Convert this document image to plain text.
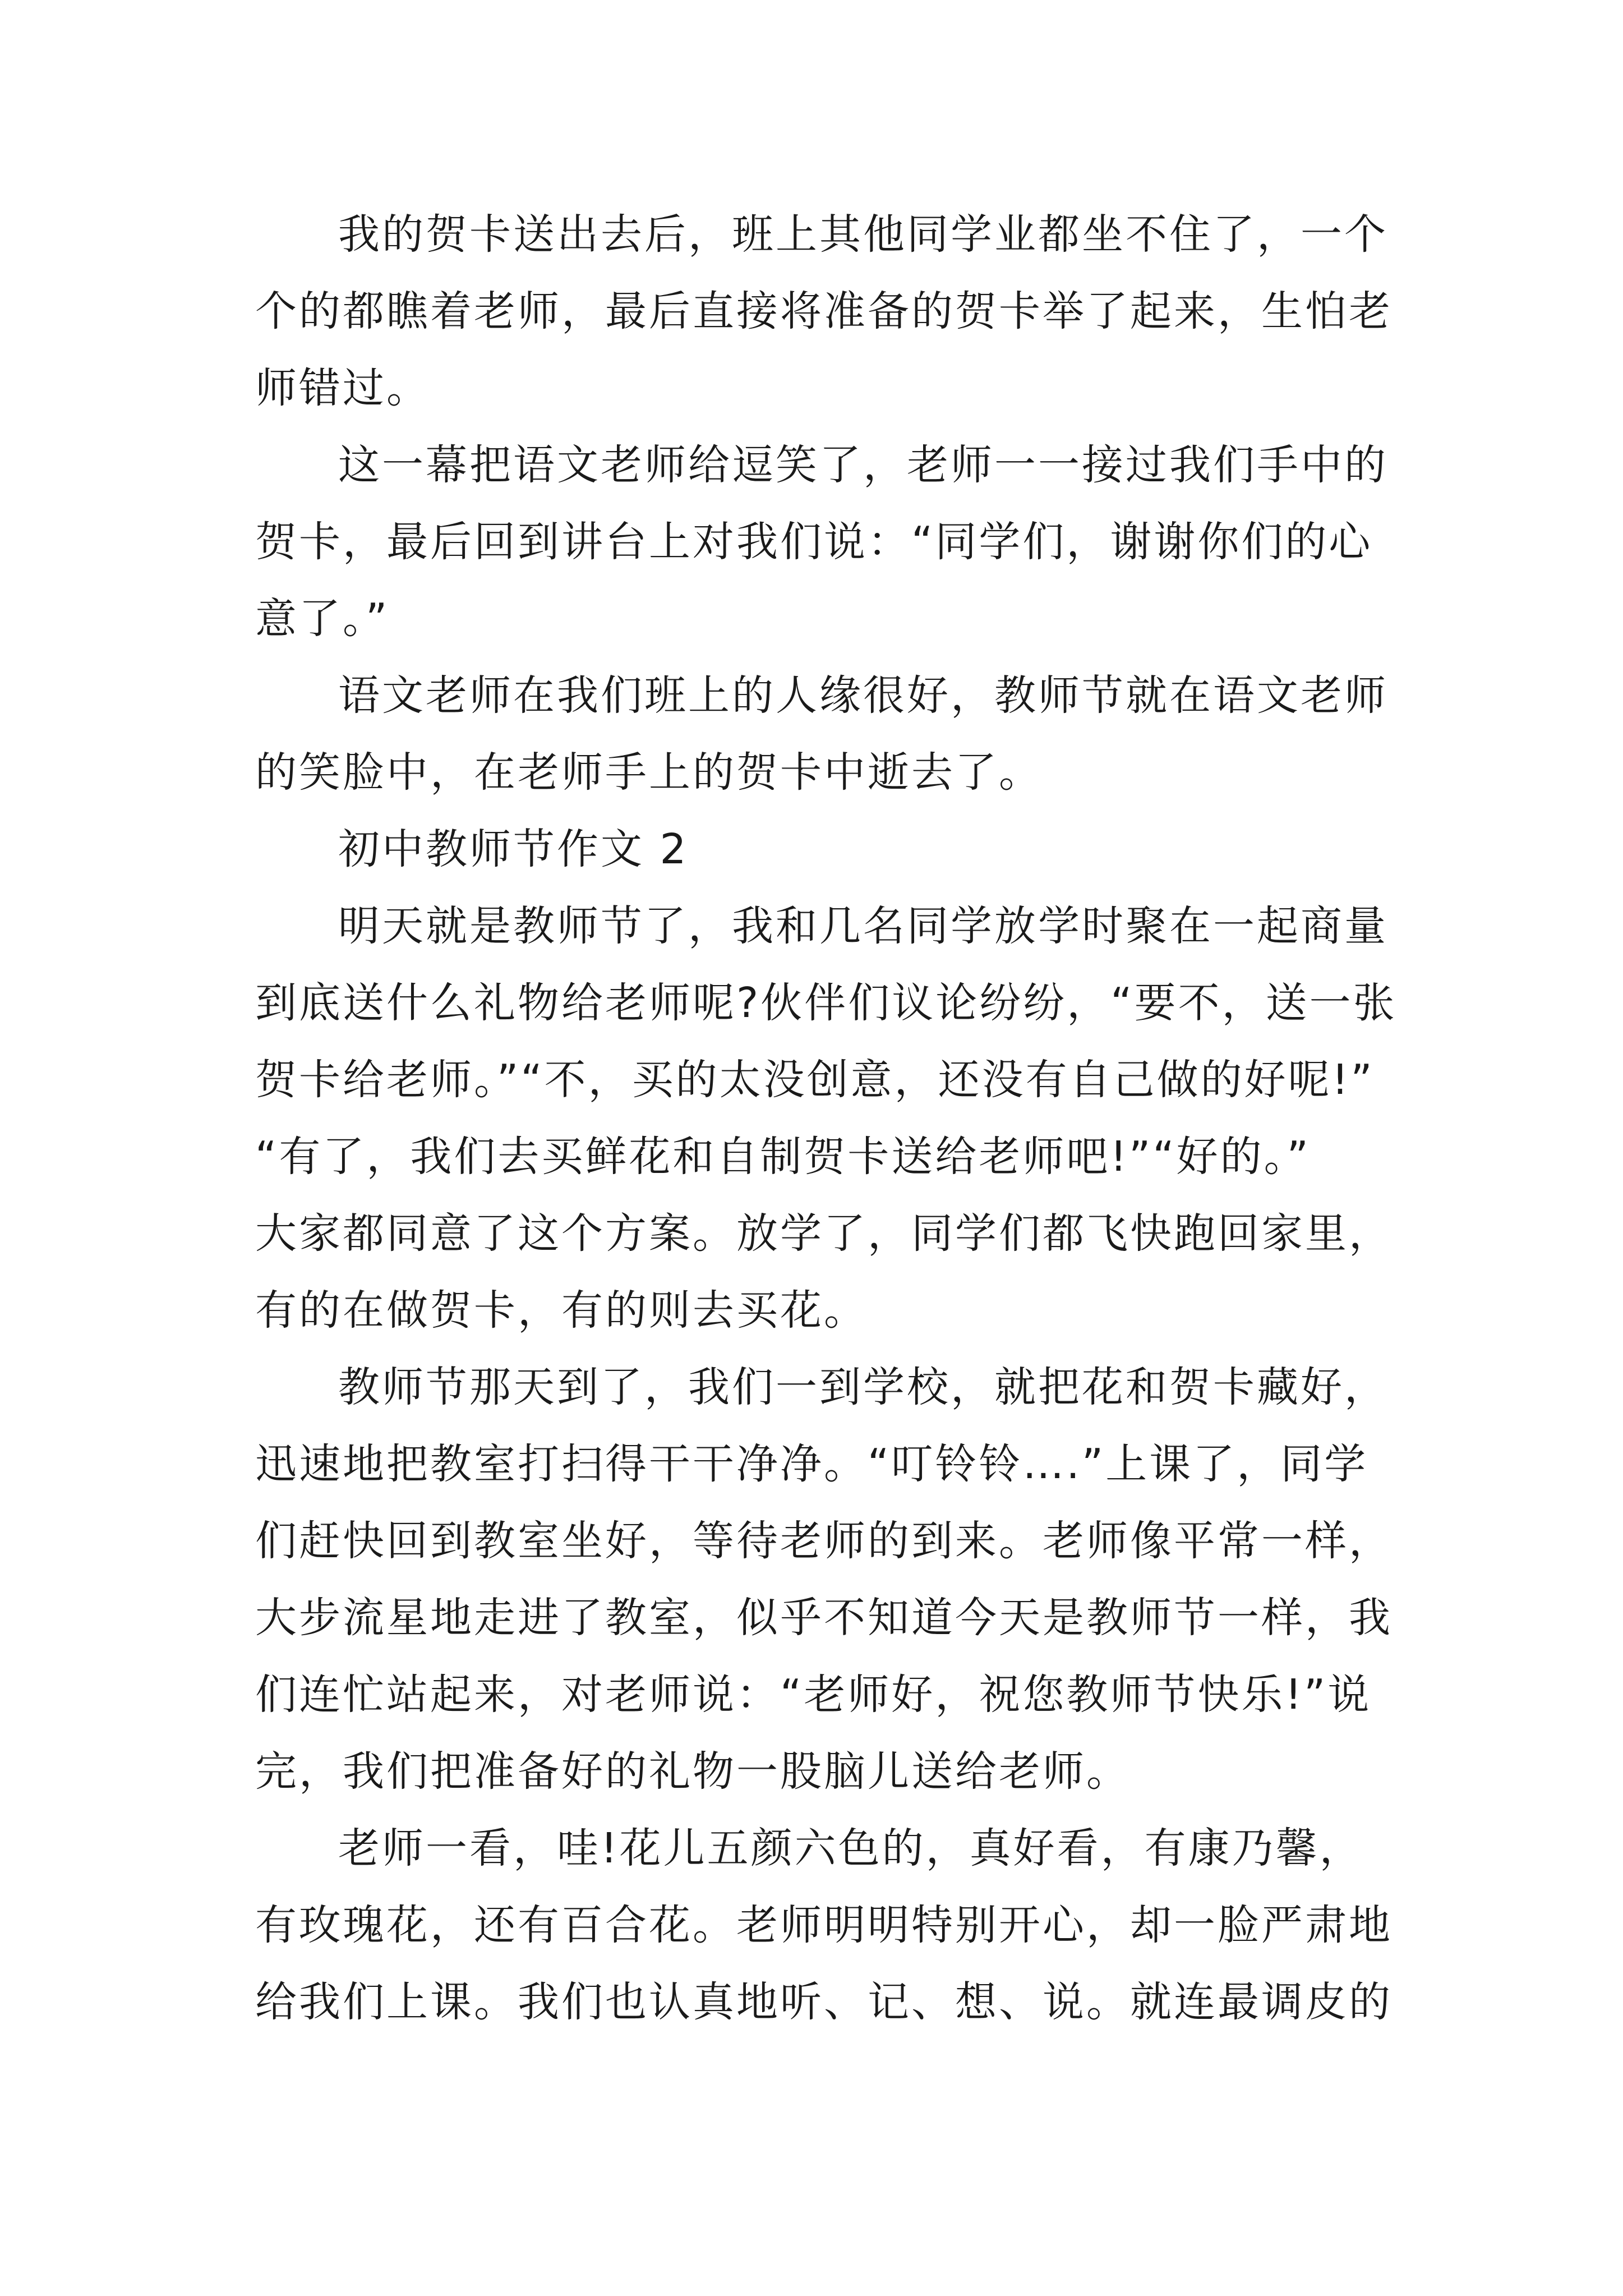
我的贺卡送出去后，班上其他同学业都坐不住了，一个
个的都瞧着老师，最后直接将准备的贺卡举了起来，生怕老
师错过。
这一幕把语文老师给逗笑了，老师一一接过我们手中的
贺卡，最后回到讲台上对我们说：“同学们，谢谢你们的心
意了。”
语文老师在我们班上的人缘很好，教师节就在语文老师
的笑脸中，在老师手上的贺卡中逝去了。
初中教师节作文 2
明天就是教师节了，我和几名同学放学时聚在一起商量
到底送什么礼物给老师呢?伙伴们议论纷纷，“要不，送一张
贺卡给老师。”“不，买的太没创意，还没有自己做的好呢!”
“有了，我们去买鲜花和自制贺卡送给老师吧!”“好的。”
大家都同意了这个方案。放学了，同学们都飞快跑回家里，
有的在做贺卡，有的则去买花。
教师节那天到了，我们一到学校，就把花和贺卡藏好，
迅速地把教室打扫得干干净净。“叮铃铃….”上课了，同学
们赶快回到教室坐好，等待老师的到来。老师像平常一样，
大步流星地走进了教室，似乎不知道今天是教师节一样，我
们连忙站起来，对老师说：“老师好，祝您教师节快乐!”说
完，我们把准备好的礼物一股脑儿送给老师。
老师一看，哇!花儿五颜六色的，真好看，有康乃馨，
有玫瑰花，还有百合花。老师明明特别开心，却一脸严肃地
给我们上课。我们也认真地听、记、想、说。就连最调皮的
